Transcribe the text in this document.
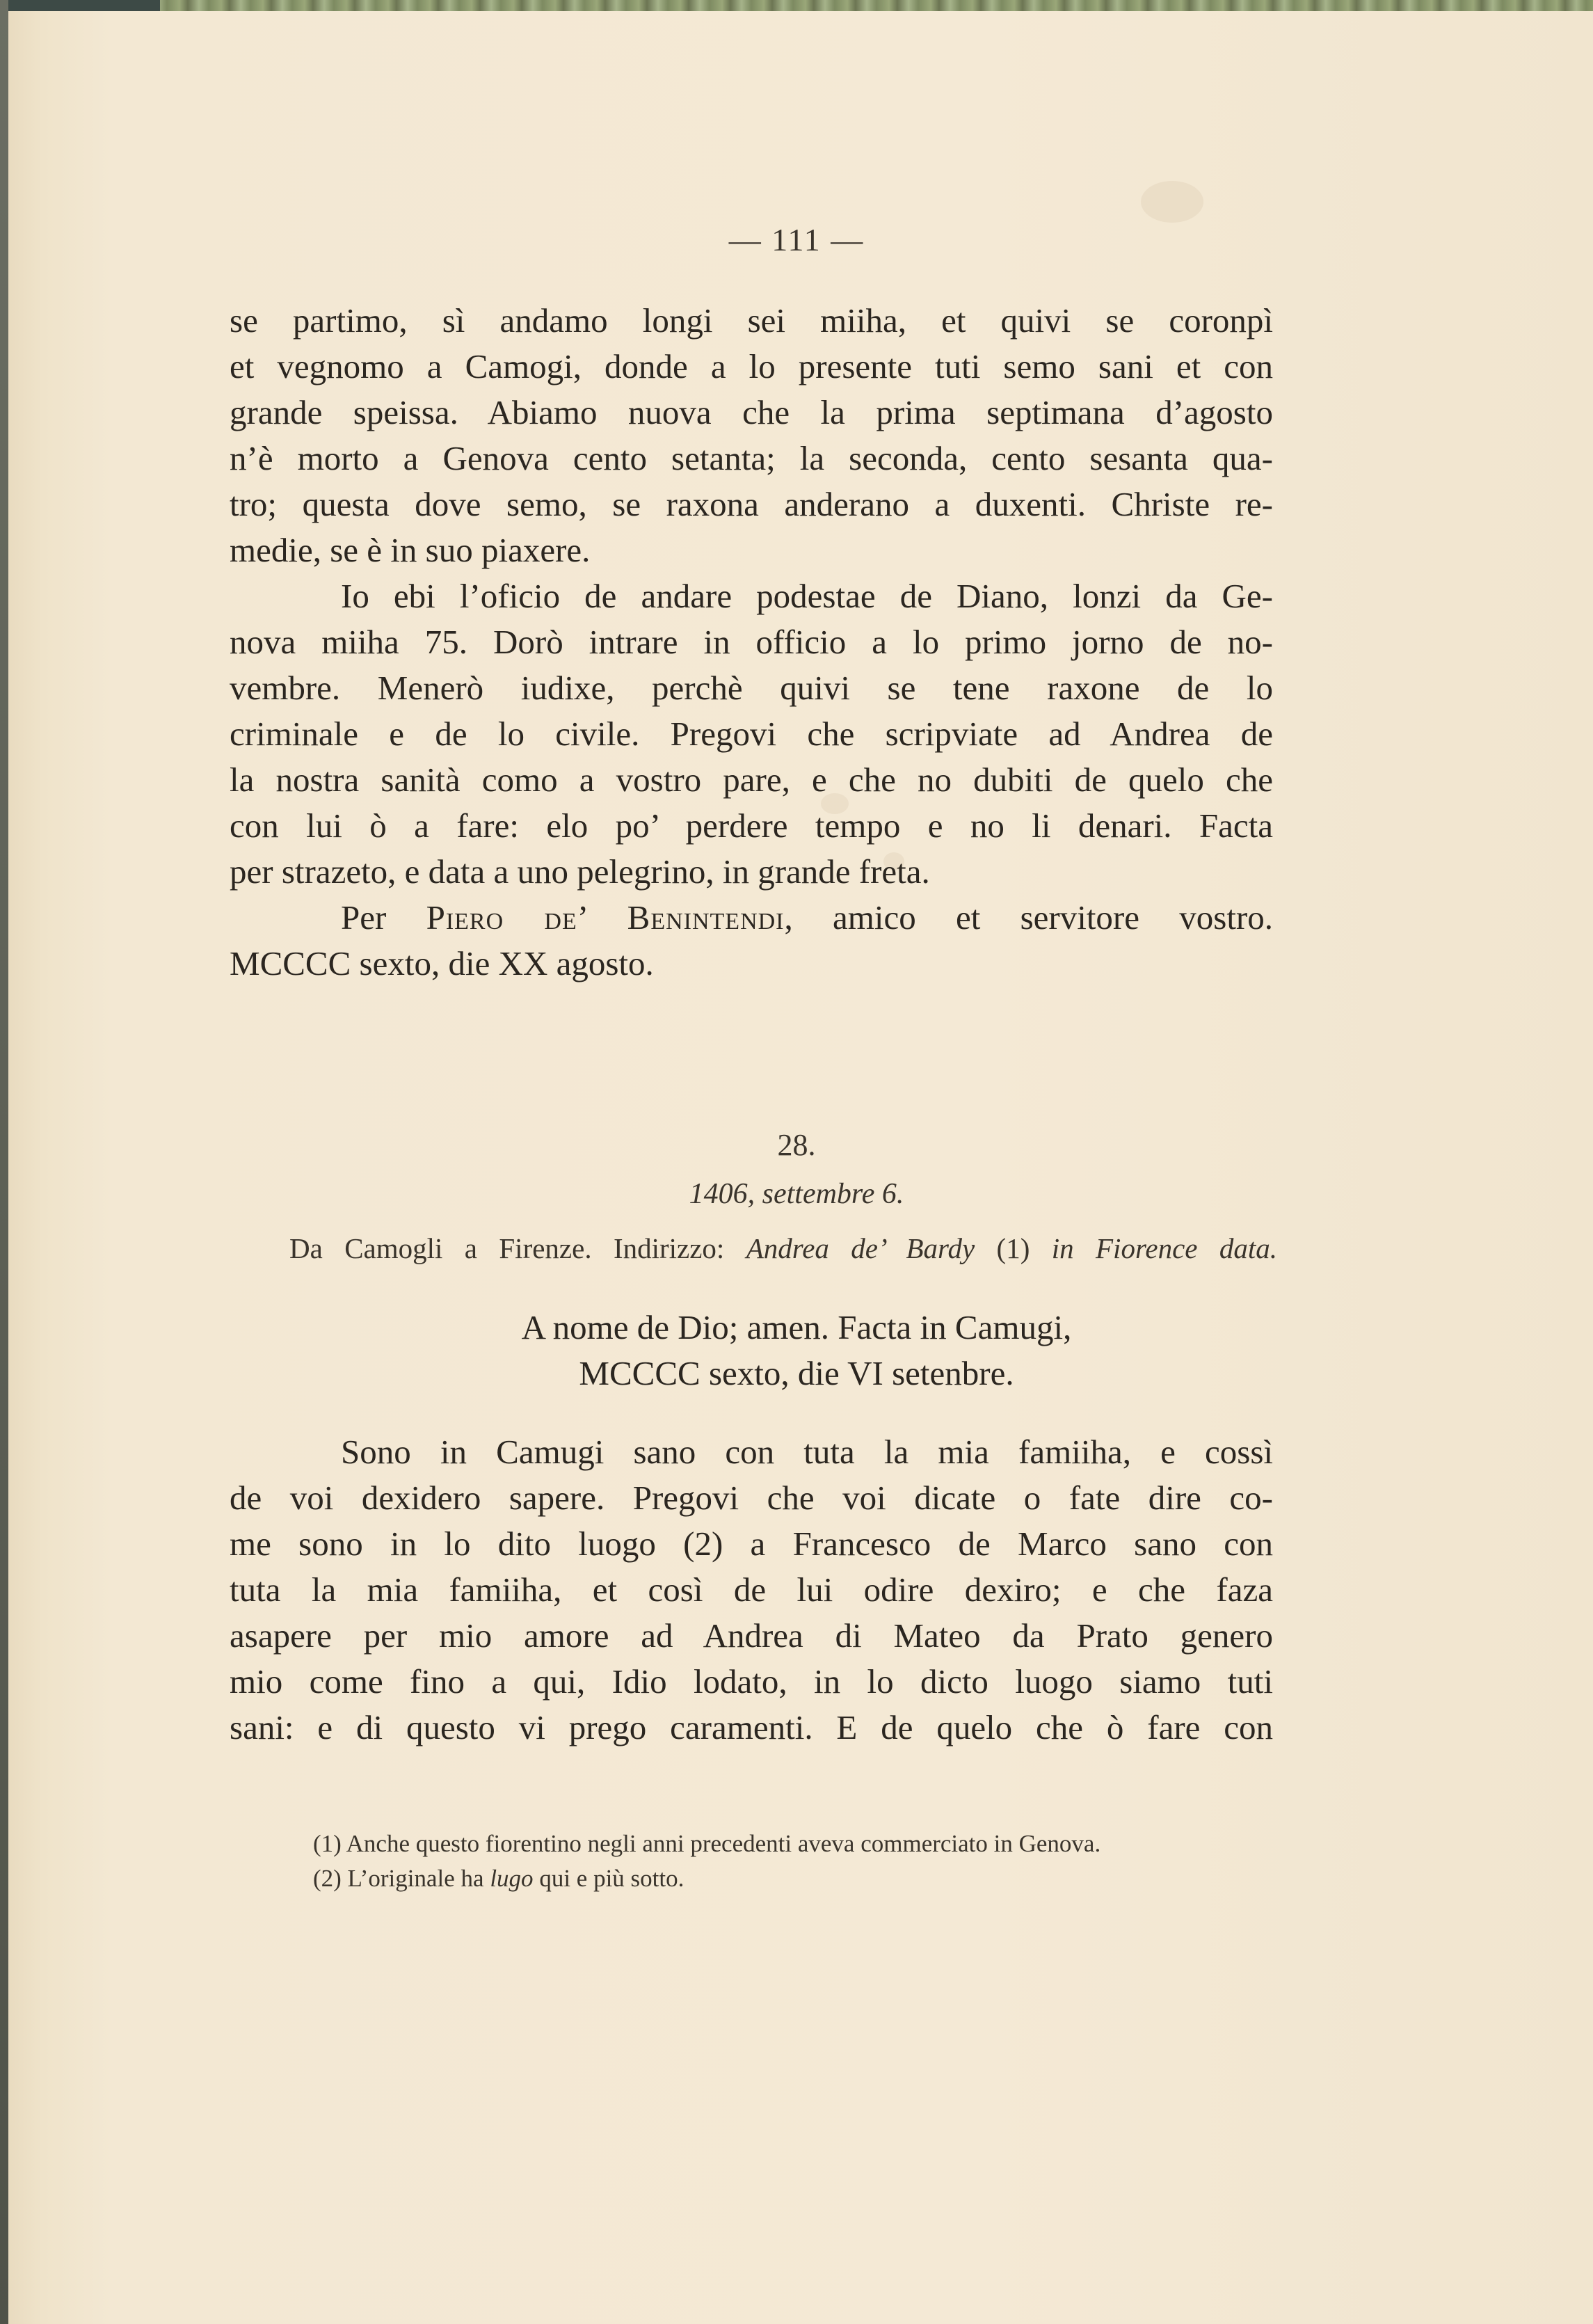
— 111 —
se partimo, sì andamo longi sei miiha, et quivi se coronpì
et vegnomo a Camogi, donde a lo presente tuti semo sani et con
grande speissa. Abiamo nuova che la prima septimana d’agosto
n’è morto a Genova cento setanta; la seconda, cento sesanta qua-
tro; questa dove semo, se raxona anderano a duxenti. Christe re-
medie, se è in suo piaxere.
Io ebi l’oficio de andare podestae de Diano, lonzi da Ge-
nova miiha 75. Dorò intrare in officio a lo primo jorno de no-
vembre. Menerò iudixe, perchè quivi se tene raxone de lo
criminale e de lo civile. Pregovi che scripviate ad Andrea de
la nostra sanità como a vostro pare, e che no dubiti de quelo che
con lui ò a fare: elo po’ perdere tempo e no li denari. Facta
per strazeto, e data a uno pelegrino, in grande freta.
Per Piero de’ Benintendi, amico et servitore vostro.
MCCCC sexto, die XX agosto.
28.
1406, settembre 6.
Da Camogli a Firenze. Indirizzo: Andrea de’ Bardy (1) in Fiorence data.
A nome de Dio; amen. Facta in Camugi,
MCCCC sexto, die VI setenbre.
Sono in Camugi sano con tuta la mia famiiha, e cossì
de voi dexidero sapere. Pregovi che voi dicate o fate dire co-
me sono in lo dito luogo (2) a Francesco de Marco sano con
tuta la mia famiiha, et così de lui odire dexiro; e che faza
asapere per mio amore ad Andrea di Mateo da Prato genero
mio come fino a qui, Idio lodato, in lo dicto luogo siamo tuti
sani: e di questo vi prego caramenti. E de quelo che ò fare con
(1) Anche questo fiorentino negli anni precedenti aveva commerciato in Genova.
(2) L’originale ha lugo qui e più sotto.
